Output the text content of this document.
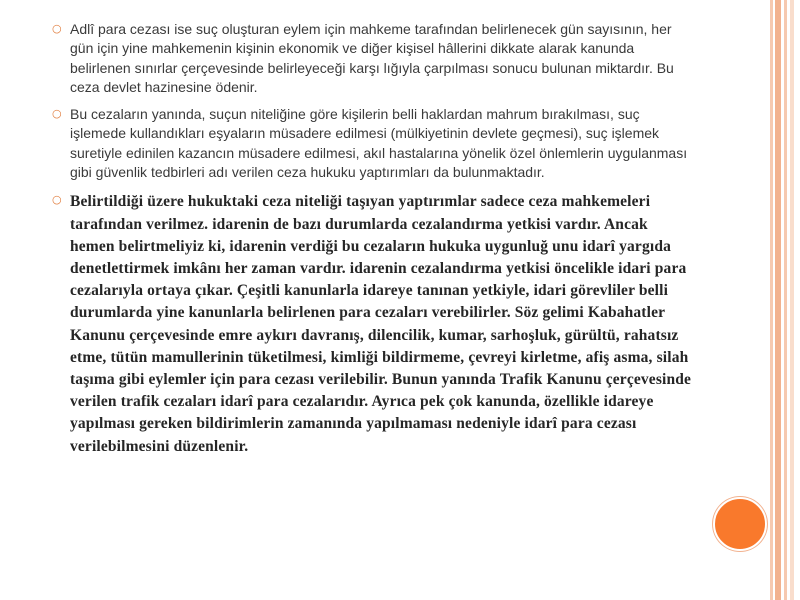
○ Adlî para cezası ise suç oluşturan eylem için mahkeme tarafından belirlenecek gün sayısının, her gün için yine mahkemenin kişinin ekonomik ve diğer kişisel hâllerini dikkate alarak kanunda belirlenen sınırlar çerçevesinde belirleyeceği karşı lığıyla çarpılması sonucu bulunan miktardır. Bu ceza devlet hazinesine ödenir.
○ Bu cezaların yanında, suçun niteliğine göre kişilerin belli haklardan mahrum bırakılması, suç işlemede kullandıkları eşyaların müsadere edilmesi (mülkiyetinin devlete geçmesi), suç işlemek suretiyle edinilen kazancın müsadere edilmesi, akıl hastalarına yönelik özel önlemlerin uygulanması gibi güvenlik tedbirleri adı verilen ceza hukuku yaptırımları da bulunmaktadır.
○ Belirtildiği üzere hukuktaki ceza niteliği taşıyan yaptırımlar sadece ceza mahkemeleri tarafından verilmez. idarenin de bazı durumlarda cezalandırma yetkisi vardır. Ancak hemen belirtmeliyiz ki, idarenin verdiği bu cezaların hukuka uygunluğ unu idarî yargıda denetlettirmek imkânı her zaman vardır. idarenin cezalandırma yetkisi öncelikle idari para cezalarıyla ortaya çıkar. Çeşitli kanunlarla idareye tanınan yetkiyle, idari görevliler belli durumlarda yine kanunlarla belirlenen para cezaları verebilirler. Söz gelimi Kabahatler Kanunu çerçevesinde emre aykırı davranış, dilencilik, kumar, sarhoşluk, gürültü, rahatsız etme, tütün mamullerinin tüketilmesi, kimliği bildirmeme, çevreyi kirletme, afiş asma, silah taşıma gibi eylemler için para cezası verilebilir. Bunun yanında Trafik Kanunu çerçevesinde verilen trafik cezaları idarî para cezalarıdır. Ayrıca pek çok kanunda, özellikle idareye yapılması gereken bildirimlerin zamanında yapılmaması nedeniyle idarî para cezası verilebilmesini düzenlenir.
